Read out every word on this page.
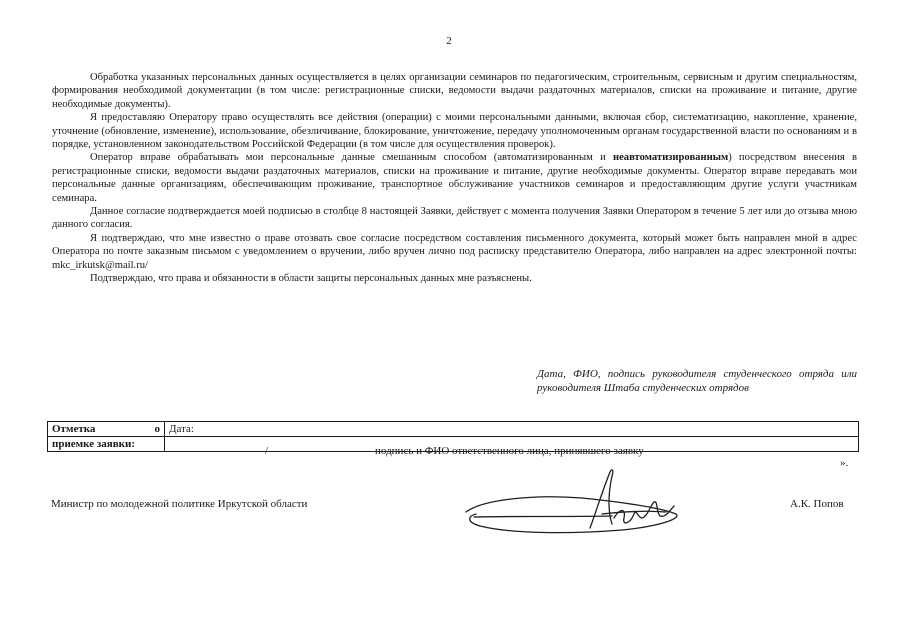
2

Обработка указанных персональных данных осуществляется в целях организации семинаров по педагогическим, строительным, сервисным и другим специальностям, формирования необходимой документации (в том числе: регистрационные списки, ведомости выдачи раздаточных материалов, списки на проживание и питание, другие необходимые документы).

Я предоставляю Оператору право осуществлять все действия (операции) с моими персональными данными, включая сбор, систематизацию, накопление, хранение, уточнение (обновление, изменение), использование, обезличивание, блокирование, уничтожение, передачу уполномоченным органам государственной власти по основаниям и в порядке, установленном законодательством Российской Федерации (в том числе для осуществления проверок).

Оператор вправе обрабатывать мои персональные данные смешанным способом (автоматизированным и неавтоматизированным) посредством внесения в регистрационные списки, ведомости выдачи раздаточных материалов, списки на проживание и питание, другие необходимые документы. Оператор вправе передавать мои персональные данные организациям, обеспечивающим проживание, транспортное обслуживание участников семинаров и предоставляющим другие услуги участникам семинара.

Данное согласие подтверждается моей подписью в столбце 8 настоящей Заявки, действует с момента получения Заявки Оператором в течение 5 лет или до отзыва мною данного согласия.

Я подтверждаю, что мне известно о праве отозвать свое согласие посредством составления письменного документа, который может быть направлен мной в адрес Оператора по почте заказным письмом с уведомлением о вручении, либо вручен лично под расписку представителю Оператора, либо направлен на адрес электронной почты: mkc_irkutsk@mail.ru/

Подтверждаю, что права и обязанности в области защиты персональных данных мне разъяснены.

Дата, ФИО, подпись руководителя студенческого отряда или руководителя Штаба студенческих отрядов
Отметка о	Дата:
приемке заявки:	/ подпись и ФИО ответственного лица, принявшего заявку
».
Министр по молодежной политике Иркутской области	А.К. Попов
